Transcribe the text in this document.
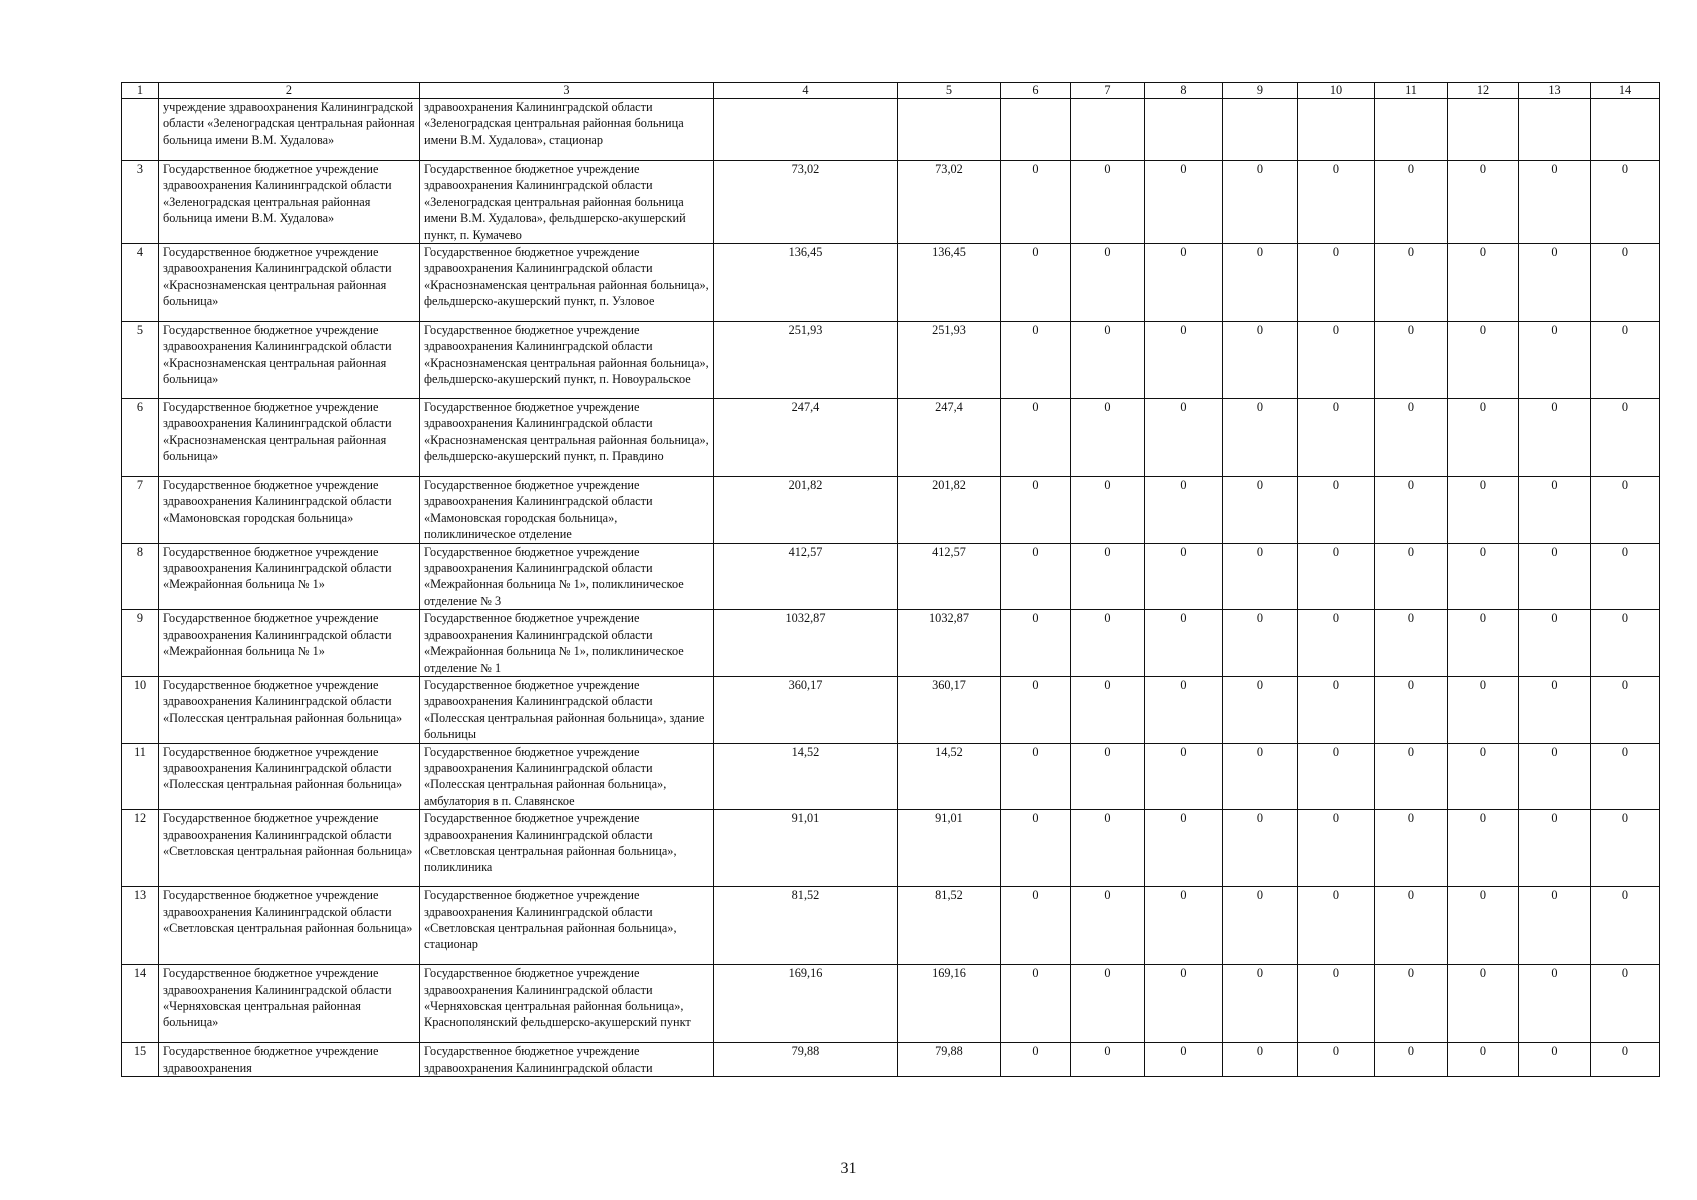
1	2	3	4	5	6	7	8	9	10	11	12	13	14
	учреждение здравоохранения Калининградской области «Зеленоградская центральная районная больница имени В.М. Худалова»	здравоохранения Калининградской области «Зеленоградская центральная районная больница имени В.М. Худалова», стационар											
3	Государственное бюджетное учреждение здравоохранения Калининградской области «Зеленоградская центральная районная больница имени В.М. Худалова»	Государственное бюджетное учреждение здравоохранения Калининградской области «Зеленоградская центральная районная больница имени В.М. Худалова», фельдшерско-акушерский пункт, п. Кумачево	73,02	73,02	0	0	0	0	0	0	0	0	0
4	Государственное бюджетное учреждение здравоохранения Калининградской области «Краснознаменская центральная районная больница»	Государственное бюджетное учреждение здравоохранения Калининградской области «Краснознаменская центральная районная больница», фельдшерско-акушерский пункт, п. Узловое	136,45	136,45	0	0	0	0	0	0	0	0	0
5	Государственное бюджетное учреждение здравоохранения Калининградской области «Краснознаменская центральная районная больница»	Государственное бюджетное учреждение здравоохранения Калининградской области «Краснознаменская центральная районная больница», фельдшерско-акушерский пункт, п. Новоуральское	251,93	251,93	0	0	0	0	0	0	0	0	0
6	Государственное бюджетное учреждение здравоохранения Калининградской области «Краснознаменская центральная районная больница»	Государственное бюджетное учреждение здравоохранения Калининградской области «Краснознаменская центральная районная больница», фельдшерско-акушерский пункт, п. Правдино	247,4	247,4	0	0	0	0	0	0	0	0	0
7	Государственное бюджетное учреждение здравоохранения Калининградской области «Мамоновская городская больница»	Государственное бюджетное учреждение здравоохранения Калининградской области «Мамоновская городская больница», поликлиническое отделение	201,82	201,82	0	0	0	0	0	0	0	0	0
8	Государственное бюджетное учреждение здравоохранения Калининградской области «Межрайонная больница № 1»	Государственное бюджетное учреждение здравоохранения Калининградской области «Межрайонная больница № 1», поликлиническое отделение № 3	412,57	412,57	0	0	0	0	0	0	0	0	0
9	Государственное бюджетное учреждение здравоохранения Калининградской области «Межрайонная больница № 1»	Государственное бюджетное учреждение здравоохранения Калининградской области «Межрайонная больница № 1», поликлиническое отделение № 1	1032,87	1032,87	0	0	0	0	0	0	0	0	0
10	Государственное бюджетное учреждение здравоохранения Калининградской области «Полесская центральная районная больница»	Государственное бюджетное учреждение здравоохранения Калининградской области «Полесская центральная районная больница», здание больницы	360,17	360,17	0	0	0	0	0	0	0	0	0
11	Государственное бюджетное учреждение здравоохранения Калининградской области «Полесская центральная районная больница»	Государственное бюджетное учреждение здравоохранения Калининградской области «Полесская центральная районная больница», амбулатория в п. Славянское	14,52	14,52	0	0	0	0	0	0	0	0	0
12	Государственное бюджетное учреждение здравоохранения Калининградской области «Светловская центральная районная больница»	Государственное бюджетное учреждение здравоохранения Калининградской области «Светловская центральная районная больница», поликлиника	91,01	91,01	0	0	0	0	0	0	0	0	0
13	Государственное бюджетное учреждение здравоохранения Калининградской области «Светловская центральная районная больница»	Государственное бюджетное учреждение здравоохранения Калининградской области «Светловская центральная районная больница», стационар	81,52	81,52	0	0	0	0	0	0	0	0	0
14	Государственное бюджетное учреждение здравоохранения Калининградской области «Черняховская центральная районная больница»	Государственное бюджетное учреждение здравоохранения Калининградской области «Черняховская центральная районная больница», Краснополянский фельдшерско-акушерский пункт	169,16	169,16	0	0	0	0	0	0	0	0	0
15	Государственное бюджетное учреждение здравоохранения	Государственное бюджетное учреждение здравоохранения Калининградской области	79,88	79,88	0	0	0	0	0	0	0	0	0
31
